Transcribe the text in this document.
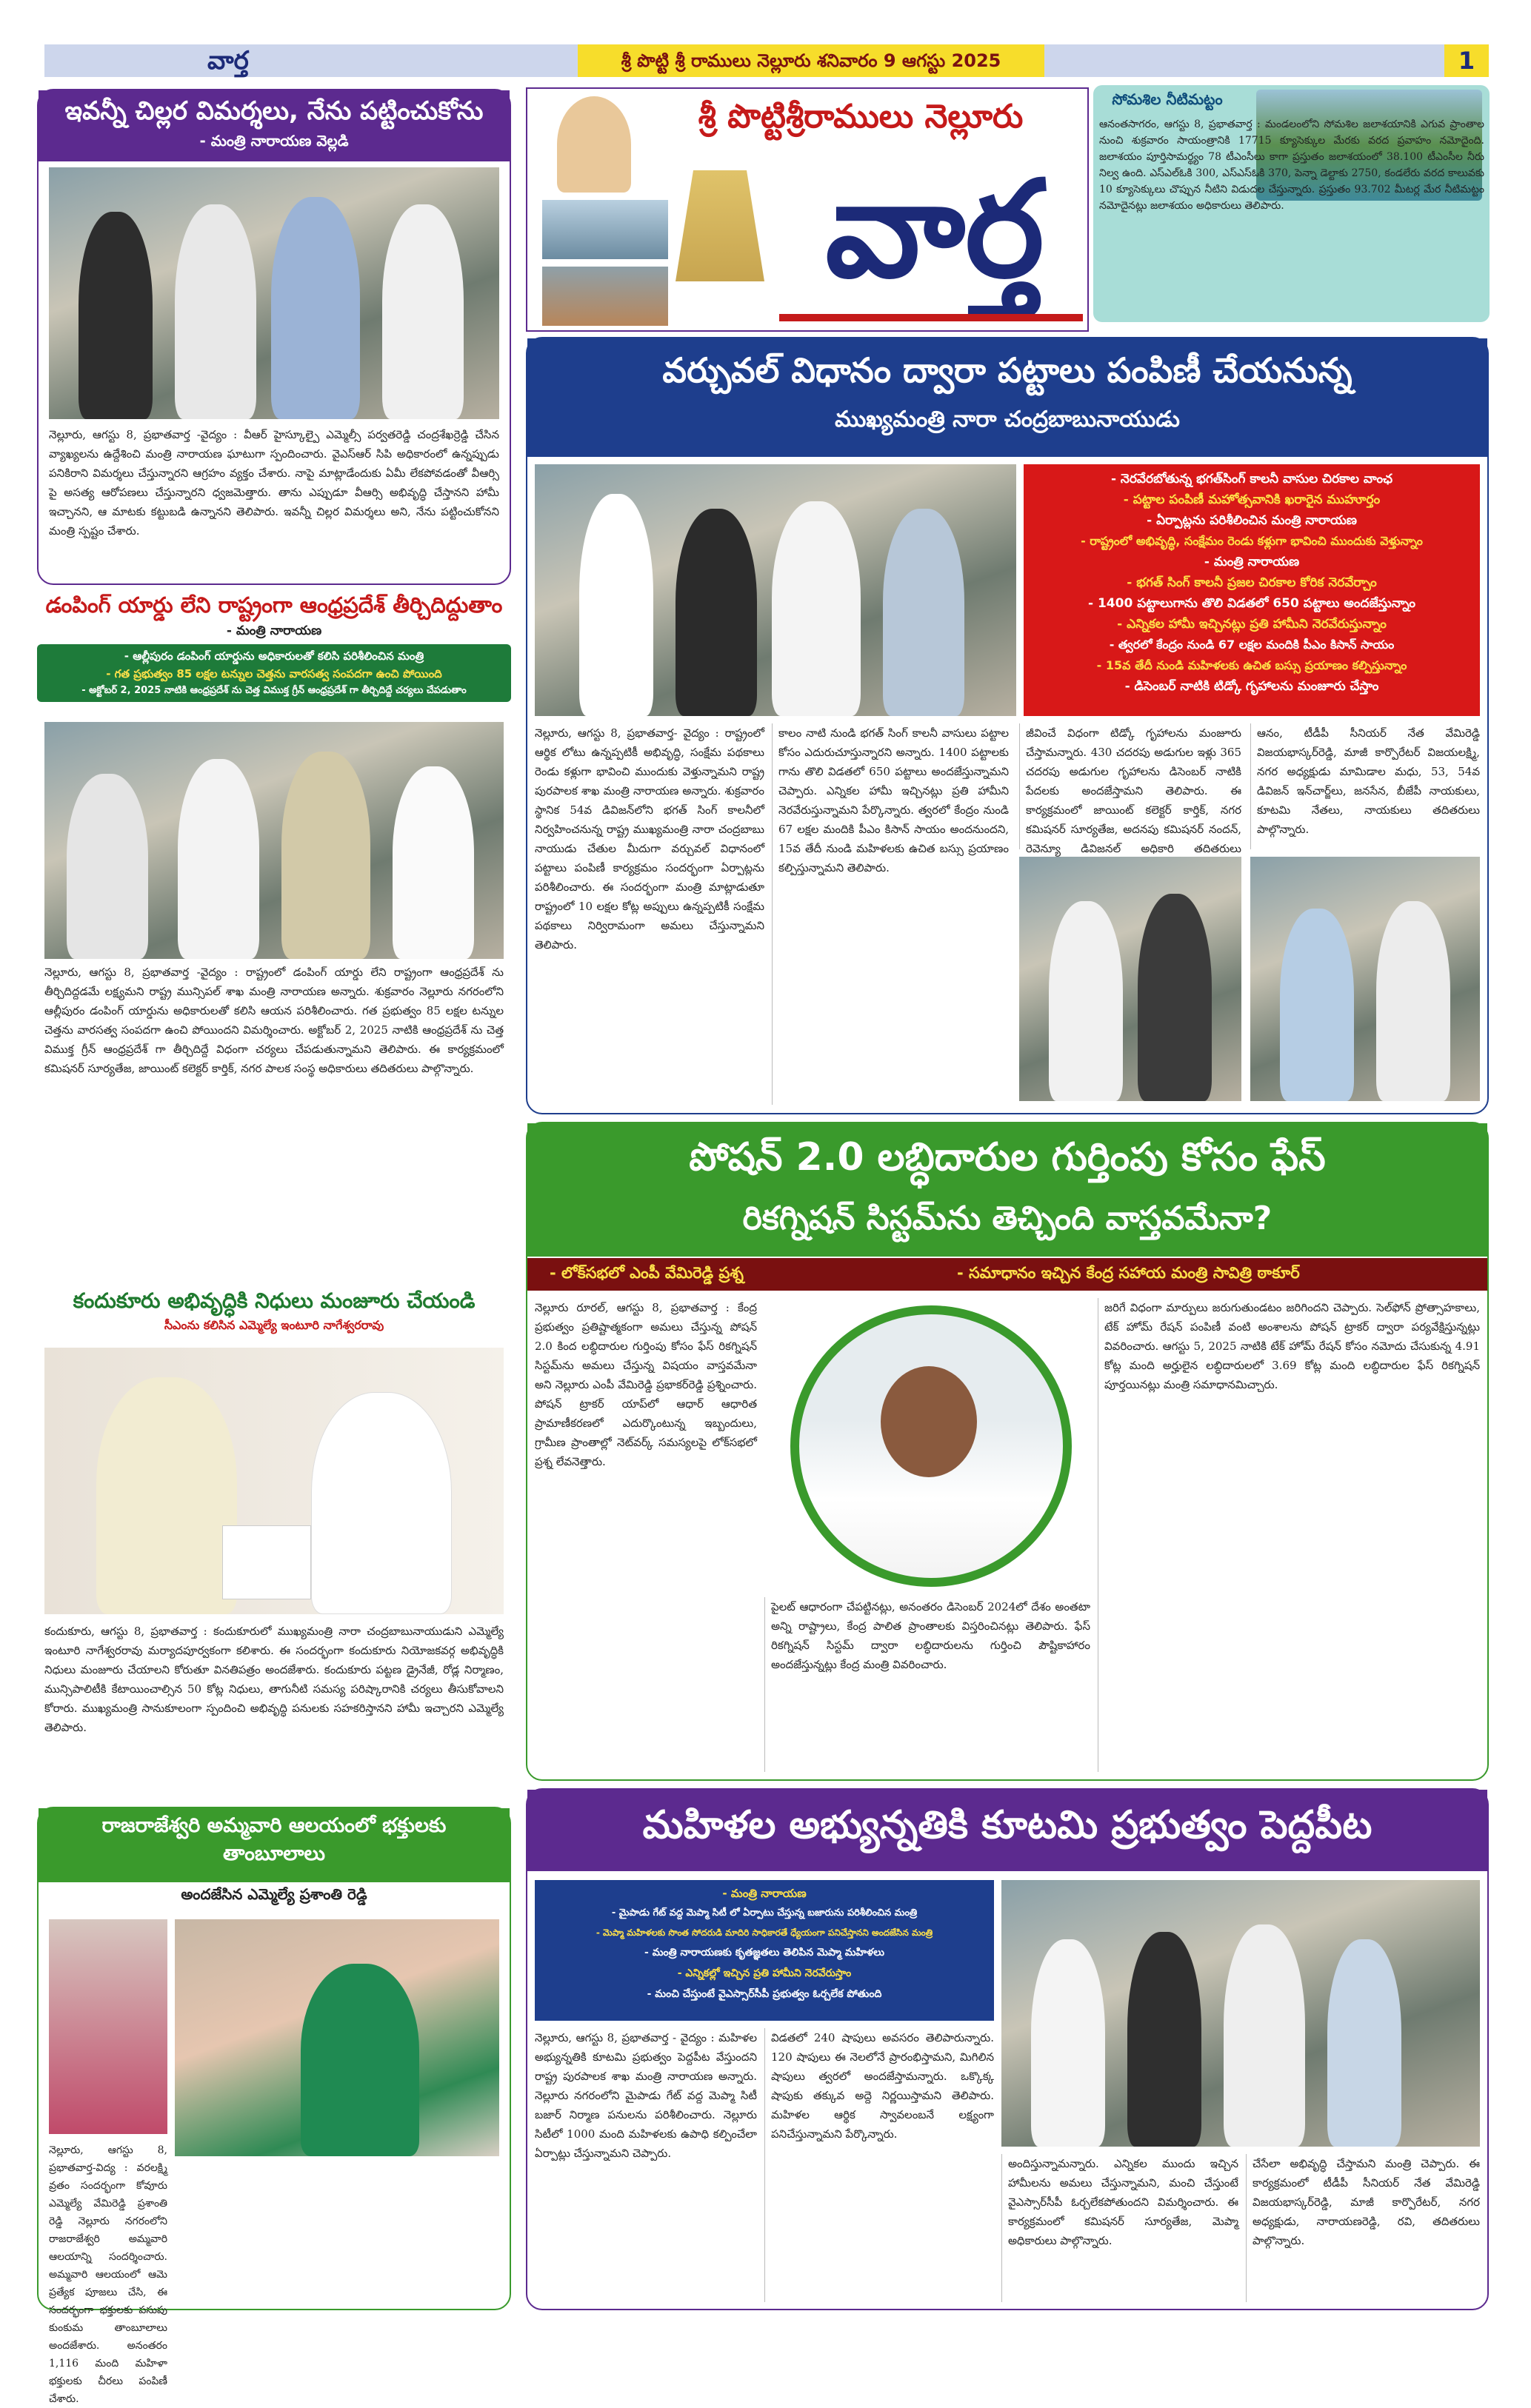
వార్త	శ్రీ పొట్టి శ్రీ రాములు నెల్లూరు శనివారం 9 ఆగస్టు 2025	1
ఇవన్నీ చిల్లర విమర్శలు, నేను పట్టించుకోను
- మంత్రి నారాయణ వెల్లడి
నెల్లూరు, ఆగస్టు 8, ప్రభాతవార్త -వైద్యం : వీఆర్ హైస్కూల్పై ఎమ్మెల్సీ పర్వతరెడ్డి చంద్రశేఖర్రెడ్డి చేసిన వ్యాఖ్యలను ఉద్దేశించి మంత్రి నారాయణ ఘాటుగా స్పందించారు. వైఎస్ఆర్ సిపి అధికారంలో ఉన్నప్పుడు పనికిరాని విమర్శలు చేస్తున్నారని ఆగ్రహం వ్యక్తం చేశారు. నాపై మాట్లాడేందుకు ఏమీ లేకపోవడంతో వీఆర్సి పై అసత్య ఆరోపణలు చేస్తున్నారని ధ్వజమెత్తారు. తాను ఎప్పుడూ వీఆర్సి అభివృద్ధి చేస్తానని హామీ ఇచ్చానని, ఆ మాటకు కట్టుబడి ఉన్నానని తెలిపారు. ఇవన్నీ చిల్లర విమర్శలు అని, నేను పట్టించుకోనని మంత్రి స్పష్టం చేశారు.
డంపింగ్ యార్డు లేని రాష్ట్రంగా ఆంధ్రప్రదేశ్ తీర్చిదిద్దుతాం
- మంత్రి నారాయణ
- ఆల్లీపురం డంపింగ్ యార్డును అధికారులతో కలిసి పరిశీలించిన మంత్రి
- గత ప్రభుత్వం 85 లక్షల టన్నుల చెత్తను వారసత్వ సంపదగా ఉంచి పోయింది
- అక్టోబర్ 2, 2025 నాటికి ఆంధ్రప్రదేశ్ ను చెత్త విముక్త గ్రీన్ ఆంధ్రప్రదేశ్ గా తీర్చిదిద్దే చర్యలు చేపడుతాం
నెల్లూరు, ఆగస్టు 8, ప్రభాతవార్త -వైద్యం : రాష్ట్రంలో డంపింగ్ యార్డు లేని రాష్ట్రంగా ఆంధ్రప్రదేశ్ ను తీర్చిదిద్దడమే లక్ష్యమని రాష్ట్ర మున్సిపల్ శాఖ మంత్రి నారాయణ అన్నారు. శుక్రవారం నెల్లూరు నగరంలోని ఆల్లీపురం డంపింగ్ యార్డును అధికారులతో కలిసి ఆయన పరిశీలించారు. గత ప్రభుత్వం 85 లక్షల టన్నుల చెత్తను వారసత్వ సంపదగా ఉంచి పోయిందని విమర్శించారు. అక్టోబర్ 2, 2025 నాటికి ఆంధ్రప్రదేశ్ ను చెత్త విముక్త గ్రీన్ ఆంధ్రప్రదేశ్ గా తీర్చిదిద్దే విధంగా చర్యలు చేపడుతున్నామని తెలిపారు. ఈ కార్యక్రమంలో కమిషనర్ సూర్యతేజ, జాయింట్ కలెక్టర్ కార్తిక్, నగర పాలక సంస్థ అధికారులు తదితరులు పాల్గొన్నారు.
కందుకూరు అభివృద్ధికి నిధులు మంజూరు చేయండి
సీఎంను కలిసిన ఎమ్మెల్యే ఇంటూరి నాగేశ్వరరావు
కందుకూరు, ఆగస్టు 8, ప్రభాతవార్త : కందుకూరులో ముఖ్యమంత్రి నారా చంద్రబాబునాయుడుని ఎమ్మెల్యే ఇంటూరి నాగేశ్వరరావు మర్యాదపూర్వకంగా కలిశారు. ఈ సందర్భంగా కందుకూరు నియోజకవర్గ అభివృద్ధికి నిధులు మంజూరు చేయాలని కోరుతూ వినతిపత్రం అందజేశారు. కందుకూరు పట్టణ డ్రైనేజీ, రోడ్ల నిర్మాణం, మున్సిపాలిటీకి కేటాయించాల్సిన 50 కోట్ల నిధులు, తాగునీటి సమస్య పరిష్కారానికి చర్యలు తీసుకోవాలని కోరారు. ముఖ్యమంత్రి సానుకూలంగా స్పందించి అభివృద్ధి పనులకు సహకరిస్తానని హామీ ఇచ్చారని ఎమ్మెల్యే తెలిపారు.
రాజరాజేశ్వరి అమ్మవారి ఆలయంలో భక్తులకు
తాంబూలాలు
అందజేసిన ఎమ్మెల్యే ప్రశాంతి రెడ్డి
నెల్లూరు, ఆగస్టు 8, ప్రభాతవార్త-విద్య : వరలక్ష్మి వ్రతం సందర్భంగా కోవూరు ఎమ్మెల్యే వేమిరెడ్డి ప్రశాంతి రెడ్డి నెల్లూరు నగరంలోని రాజరాజేశ్వరి అమ్మవారి ఆలయాన్ని సందర్శించారు. అమ్మవారి ఆలయంలో ఆమె ప్రత్యేక పూజలు చేసి, ఈ సందర్భంగా భక్తులకు పసుపు కుంకుమ తాంబూలాలు అందజేశారు. అనంతరం 1,116 మంది మహిళా భక్తులకు చీరలు పంపిణీ చేశారు.
శ్రీ పొట్టిశ్రీరాములు నెల్లూరు
వార్త
సోమశిల నీటిమట్టం
ఆనంతసాగరం, ఆగస్టు 8, ప్రభాతవార్త : మండలంలోని సోమశిల జలాశయానికి ఎగువ ప్రాంతాల నుంచి శుక్రవారం సాయంత్రానికి 17715 క్యూసెక్కుల మేరకు వరద ప్రవాహం నమోదైంది. జలాశయం పూర్తిసామర్థ్యం 78 టీఎంసీలు కాగా ప్రస్తుతం జలాశయంలో 38.100 టీఎంసీల నీరు నిల్వ ఉంది. ఎస్ఎల్ఓకి 300, ఎస్ఎస్ఓకి 370, పెన్నా డెల్టాకు 2750, కండలేరు వరద కాలువకు 10 క్యూసెక్కులు చొప్పున నీటిని విడుదల చేస్తున్నారు. ప్రస్తుతం 93.702 మీటర్ల మేర నీటిమట్టం నమోదైనట్లు జలాశయం అధికారులు తెలిపారు.
వర్చువల్ విధానం ద్వారా పట్టాలు పంపిణీ చేయనున్న
ముఖ్యమంత్రి నారా చంద్రబాబునాయుడు
- నెరవేరబోతున్న భగత్‌సింగ్ కాలనీ వాసుల చిరకాల వాంఛ
- పట్టాల పంపిణీ మహోత్సవానికి ఖరారైన ముహూర్తం
- ఏర్పాట్లను పరిశీలించిన మంత్రి నారాయణ
- రాష్ట్రంలో అభివృద్ధి, సంక్షేమం రెండు కళ్లుగా భావించి ముందుకు వెళ్తున్నాం
- మంత్రి నారాయణ
- భగత్ సింగ్ కాలనీ ప్రజల చిరకాల కోరిక నెరవేర్చాం
- 1400 పట్టాలుగాను తొలి విడతలో 650 పట్టాలు అందజేస్తున్నాం
- ఎన్నికల హామీ ఇచ్చినట్లు ప్రతి హామీని నెరవేరుస్తున్నాం
- త్వరలో కేంద్రం నుండి 67 లక్షల మందికి పీఎం కిసాన్ సాయం
- 15వ తేదీ నుండి మహిళలకు ఉచిత బస్సు ప్రయాణం కల్పిస్తున్నాం
- డిసెంబర్ నాటికి టిడ్కో గృహాలను మంజూరు చేస్తాం
నెల్లూరు, ఆగస్టు 8, ప్రభాతవార్త- వైద్యం : రాష్ట్రంలో ఆర్థిక లోటు ఉన్నప్పటికీ అభివృద్ధి, సంక్షేమ పథకాలు రెండు కళ్లుగా భావించి ముందుకు వెళ్తున్నామని రాష్ట్ర పురపాలక శాఖ మంత్రి నారాయణ అన్నారు. శుక్రవారం స్థానిక 54వ డివిజన్‌లోని భగత్ సింగ్ కాలనీలో నిర్వహించనున్న రాష్ట్ర ముఖ్యమంత్రి నారా చంద్రబాబు నాయుడు చేతుల మీదుగా వర్చువల్ విధానంలో పట్టాలు పంపిణీ కార్యక్రమం సందర్భంగా ఏర్పాట్లను పరిశీలించారు. ఈ సందర్భంగా మంత్రి మాట్లాడుతూ రాష్ట్రంలో 10 లక్షల కోట్ల అప్పులు ఉన్నప్పటికీ సంక్షేమ పథకాలు నిర్విరామంగా అమలు చేస్తున్నామని తెలిపారు.
కాలం నాటి నుండి భగత్ సింగ్ కాలనీ వాసులు పట్టాల కోసం ఎదురుచూస్తున్నారని అన్నారు. 1400 పట్టాలకు గాను తొలి విడతలో 650 పట్టాలు అందజేస్తున్నామని చెప్పారు. ఎన్నికల హామీ ఇచ్చినట్లు ప్రతి హామీని నెరవేరుస్తున్నామని పేర్కొన్నారు. త్వరలో కేంద్రం నుండి 67 లక్షల మందికి పీఎం కిసాన్ సాయం అందనుందని, 15వ తేదీ నుండి మహిళలకు ఉచిత బస్సు ప్రయాణం కల్పిస్తున్నామని తెలిపారు.
జీవించే విధంగా టిడ్కో గృహాలను మంజూరు చేస్తామన్నారు. 430 చదరపు అడుగుల ఇళ్లు 365 చదరపు అడుగుల గృహాలను డిసెంబర్ నాటికి పేదలకు అందజేస్తామని తెలిపారు. ఈ కార్యక్రమంలో జాయింట్ కలెక్టర్ కార్తిక్, నగర కమిషనర్ సూర్యతేజ, అదనపు కమిషనర్ నందన్, రెవెన్యూ డివిజనల్ అధికారి తదితరులు
ఆనం, టీడీపీ సీనియర్ నేత వేమిరెడ్డి విజయభాస్కర్‌రెడ్డి, మాజీ కార్పొరేటర్ విజయలక్ష్మి, నగర అధ్యక్షుడు మామిడాల మధు, 53, 54వ డివిజన్ ఇన్‌చార్జ్‌లు, జనసేన, బీజేపీ నాయకులు, కూటమి నేతలు, నాయకులు తదితరులు పాల్గొన్నారు.
పోషన్ 2.0 లబ్ధిదారుల గుర్తింపు కోసం ఫేస్
రికగ్నిషన్ సిస్టమ్‌ను తెచ్చింది వాస్తవమేనా?
- లోక్‌సభలో ఎంపీ వేమిరెడ్డి ప్రశ్న	- సమాధానం ఇచ్చిన కేంద్ర సహాయ మంత్రి సావిత్రి ఠాకూర్
నెల్లూరు రూరల్, ఆగస్టు 8, ప్రభాతవార్త : కేంద్ర ప్రభుత్వం ప్రతిష్టాత్మకంగా అమలు చేస్తున్న పోషన్ 2.0 కింద లబ్ధిదారుల గుర్తింపు కోసం ఫేస్ రికగ్నిషన్ సిస్టమ్‌ను అమలు చేస్తున్న విషయం వాస్తవమేనా అని నెల్లూరు ఎంపీ వేమిరెడ్డి ప్రభాకర్‌రెడ్డి ప్రశ్నించారు. పోషన్ ట్రాకర్ యాప్‌లో ఆధార్ ఆధారిత ప్రామాణీకరణలో ఎదుర్కొంటున్న ఇబ్బందులు, గ్రామీణ ప్రాంతాల్లో నెట్‌వర్క్ సమస్యలపై లోక్‌సభలో ప్రశ్న లేవనెత్తారు.
పైలట్ ఆధారంగా చేపట్టినట్లు, అనంతరం డిసెంబర్ 2024లో దేశం అంతటా అన్ని రాష్ట్రాలు, కేంద్ర పాలిత ప్రాంతాలకు విస్తరించినట్లు తెలిపారు. ఫేస్ రికగ్నిషన్ సిస్టమ్ ద్వారా లబ్ధిదారులను గుర్తించి పౌష్టికాహారం అందజేస్తున్నట్లు కేంద్ర మంత్రి వివరించారు.
జరిగే విధంగా మార్పులు జరుగుతుండటం జరిగిందని చెప్పారు. సెల్‌ఫోన్ ప్రోత్సాహకాలు, టేక్ హోమ్ రేషన్ పంపిణీ వంటి అంశాలను పోషన్ ట్రాకర్ ద్వారా పర్యవేక్షిస్తున్నట్లు వివరించారు. ఆగస్టు 5, 2025 నాటికి టేక్ హోమ్ రేషన్ కోసం నమోదు చేసుకున్న 4.91 కోట్ల మంది అర్హులైన లబ్ధిదారులలో 3.69 కోట్ల మంది లబ్ధిదారుల ఫేస్ రికగ్నిషన్ పూర్తయినట్లు మంత్రి సమాధానమిచ్చారు.
మహిళల అభ్యున్నతికి కూటమి ప్రభుత్వం పెద్దపీట
- మంత్రి నారాయణ
- మైపాడు గేట్ వద్ద మెప్మా సిటీ లో ఏర్పాటు చేస్తున్న బజారును పరిశీలించిన మంత్రి
- మెప్మా మహిళలకు సొంత సోదరుడి మాదిరి సాధికారతే ధ్యేయంగా పనిచేస్తానని అందజేసిన మంత్రి
- మంత్రి నారాయణకు కృతజ్ఞతలు తెలిపిన మెప్మా మహిళలు
- ఎన్నికల్లో ఇచ్చిన ప్రతి హామీని నెరవేరుస్తాం
- మంచి చేస్తుంటే వైఎస్సార్‌సీపీ ప్రభుత్వం ఓర్చలేక పోతుంది
నెల్లూరు, ఆగస్టు 8, ప్రభాతవార్త - వైద్యం : మహిళల అభ్యున్నతికి కూటమి ప్రభుత్వం పెద్దపీట వేస్తుందని రాష్ట్ర పురపాలక శాఖ మంత్రి నారాయణ అన్నారు. నెల్లూరు నగరంలోని మైపాడు గేట్ వద్ద మెప్మా సిటీ బజార్ నిర్మాణ పనులను పరిశీలించారు. నెల్లూరు సిటీలో 1000 మంది మహిళలకు ఉపాధి కల్పించేలా ఏర్పాట్లు చేస్తున్నామని చెప్పారు.
విడతలో 240 షాపులు అవసరం తెలిపారున్నారు. 120 షాపులు ఈ నెలలోనే ప్రారంభిస్తామని, మిగిలిన షాపులు త్వరలో అందజేస్తామన్నారు. ఒక్కొక్క షాపుకు తక్కువ అద్దె నిర్ణయిస్తామని తెలిపారు. మహిళల ఆర్థిక స్వావలంబనే లక్ష్యంగా పనిచేస్తున్నామని పేర్కొన్నారు.
అందిస్తున్నామన్నారు. ఎన్నికల ముందు ఇచ్చిన హామీలను అమలు చేస్తున్నామని, మంచి చేస్తుంటే వైఎస్సార్‌సీపీ ఓర్చలేకపోతుందని విమర్శించారు. ఈ కార్యక్రమంలో కమిషనర్ సూర్యతేజ, మెప్మా అధికారులు పాల్గొన్నారు.
చేసేలా అభివృద్ధి చేస్తామని మంత్రి చెప్పారు. ఈ కార్యక్రమంలో టీడీపీ సీనియర్ నేత వేమిరెడ్డి విజయభాస్కర్‌రెడ్డి, మాజీ కార్పొరేటర్, నగర అధ్యక్షుడు, నారాయణరెడ్డి, రవి, తదితరులు పాల్గొన్నారు.
